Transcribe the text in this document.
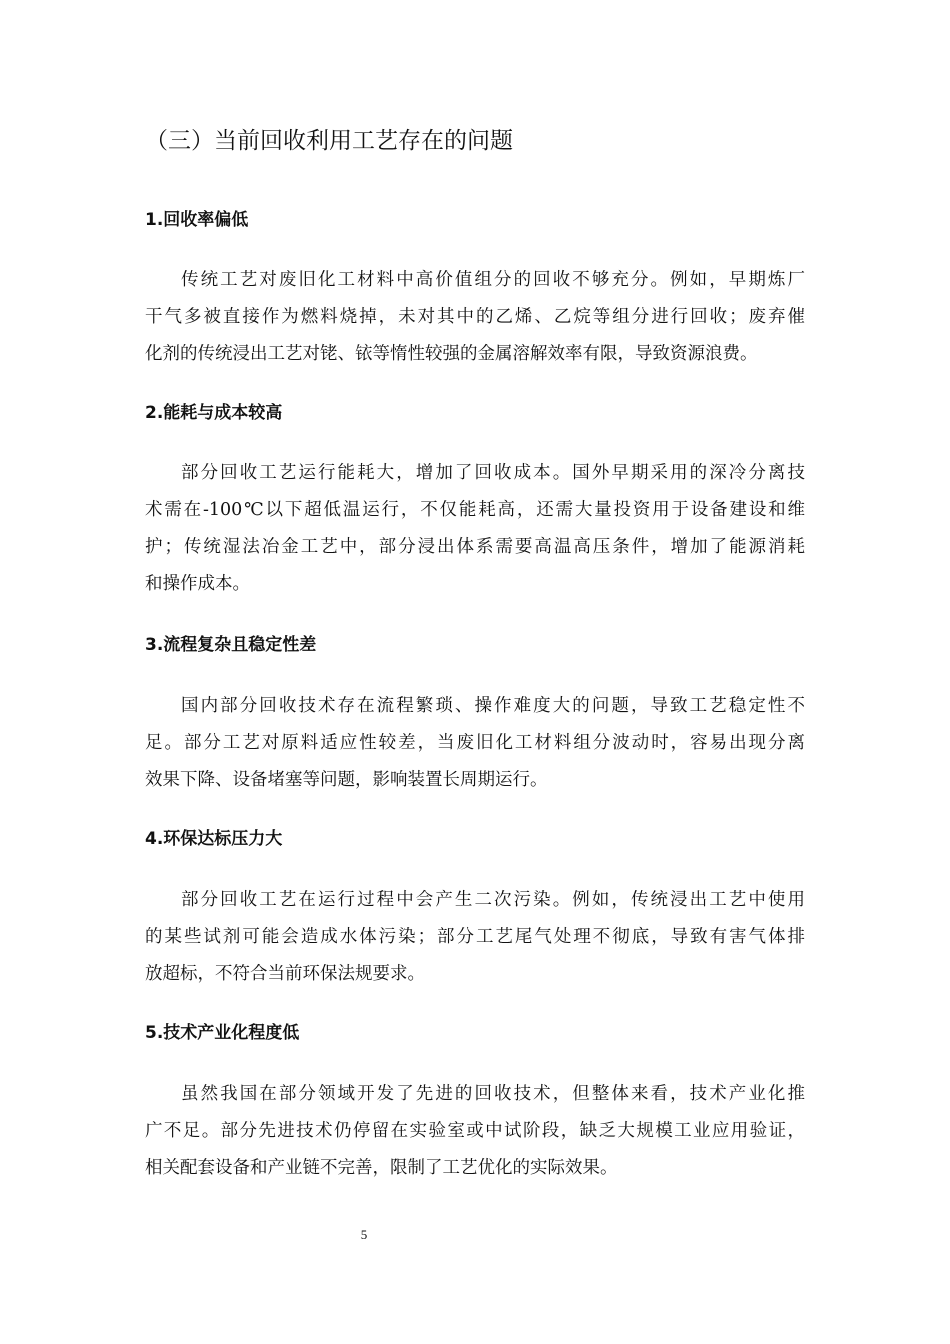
（三）当前回收利用工艺存在的问题
1.回收率偏低

传统工艺对废旧化工材料中高价值组分的回收不够充分。例如，早期炼厂
干气多被直接作为燃料烧掉，未对其中的乙烯、乙烷等组分进行回收；废弃催
化剂的传统浸出工艺对铑、铱等惰性较强的金属溶解效率有限，导致资源浪费。

2.能耗与成本较高

部分回收工艺运行能耗大，增加了回收成本。国外早期采用的深冷分离技
术需在-100℃以下超低温运行，不仅能耗高，还需大量投资用于设备建设和维
护；传统湿法冶金工艺中，部分浸出体系需要高温高压条件，增加了能源消耗
和操作成本。

3.流程复杂且稳定性差

国内部分回收技术存在流程繁琐、操作难度大的问题，导致工艺稳定性不
足。部分工艺对原料适应性较差，当废旧化工材料组分波动时，容易出现分离
效果下降、设备堵塞等问题，影响装置长周期运行。

4.环保达标压力大

部分回收工艺在运行过程中会产生二次污染。例如，传统浸出工艺中使用
的某些试剂可能会造成水体污染；部分工艺尾气处理不彻底，导致有害气体排
放超标，不符合当前环保法规要求。

5.技术产业化程度低

虽然我国在部分领域开发了先进的回收技术，但整体来看，技术产业化推
广不足。部分先进技术仍停留在实验室或中试阶段，缺乏大规模工业应用验证，
相关配套设备和产业链不完善，限制了工艺优化的实际效果。

5
